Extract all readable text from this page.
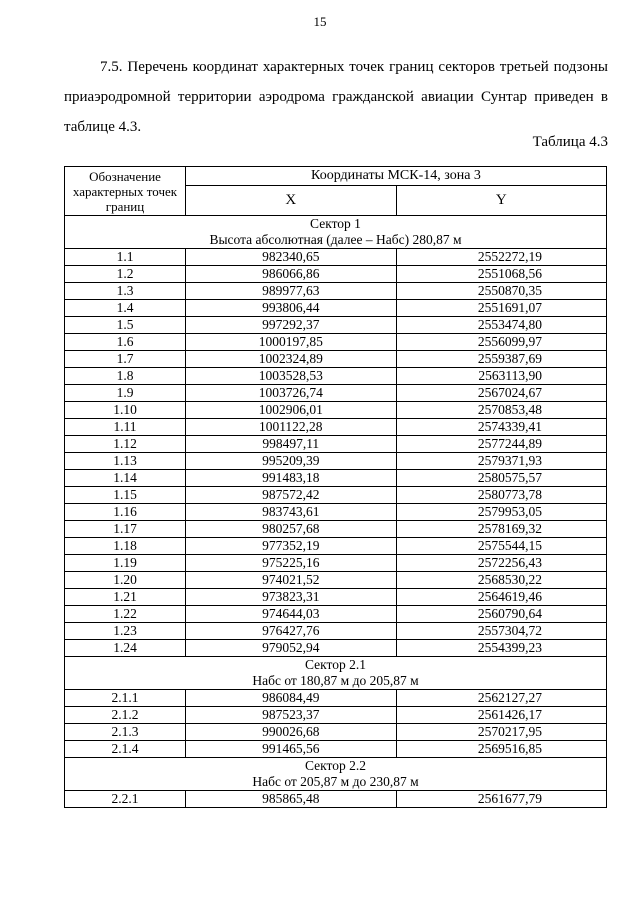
15
7.5. Перечень координат характерных точек границ секторов третьей подзоны
приаэродромной территории аэродрома гражданской авиации Сунтар приведен в
таблице 4.3.
Таблица 4.3
Обозначение характерных точек границ	Координаты МСК-14, зона 3	
	X	Y

Сектор 1
Высота абсолютная (далее – Набс) 280,87 м		

1.1	982340,65	2552272,19
1.2	986066,86	2551068,56
1.3	989977,63	2550870,35
1.4	993806,44	2551691,07
1.5	997292,37	2553474,80
1.6	1000197,85	2556099,97
1.7	1002324,89	2559387,69
1.8	1003528,53	2563113,90
1.9	1003726,74	2567024,67
1.10	1002906,01	2570853,48
1.11	1001122,28	2574339,41
1.12	998497,11	2577244,89
1.13	995209,39	2579371,93
1.14	991483,18	2580575,57
1.15	987572,42	2580773,78
1.16	983743,61	2579953,05
1.17	980257,68	2578169,32
1.18	977352,19	2575544,15
1.19	975225,16	2572256,43
1.20	974021,52	2568530,22
1.21	973823,31	2564619,46
1.22	974644,03	2560790,64
1.23	976427,76	2557304,72
1.24	979052,94	2554399,23

Сектор 2.1
Набс от 180,87 м до 205,87 м		

2.1.1	986084,49	2562127,27
2.1.2	987523,37	2561426,17
2.1.3	990026,68	2570217,95
2.1.4	991465,56	2569516,85

Сектор 2.2
Набс от 205,87 м до 230,87 м		

2.2.1	985865,48	2561677,79
